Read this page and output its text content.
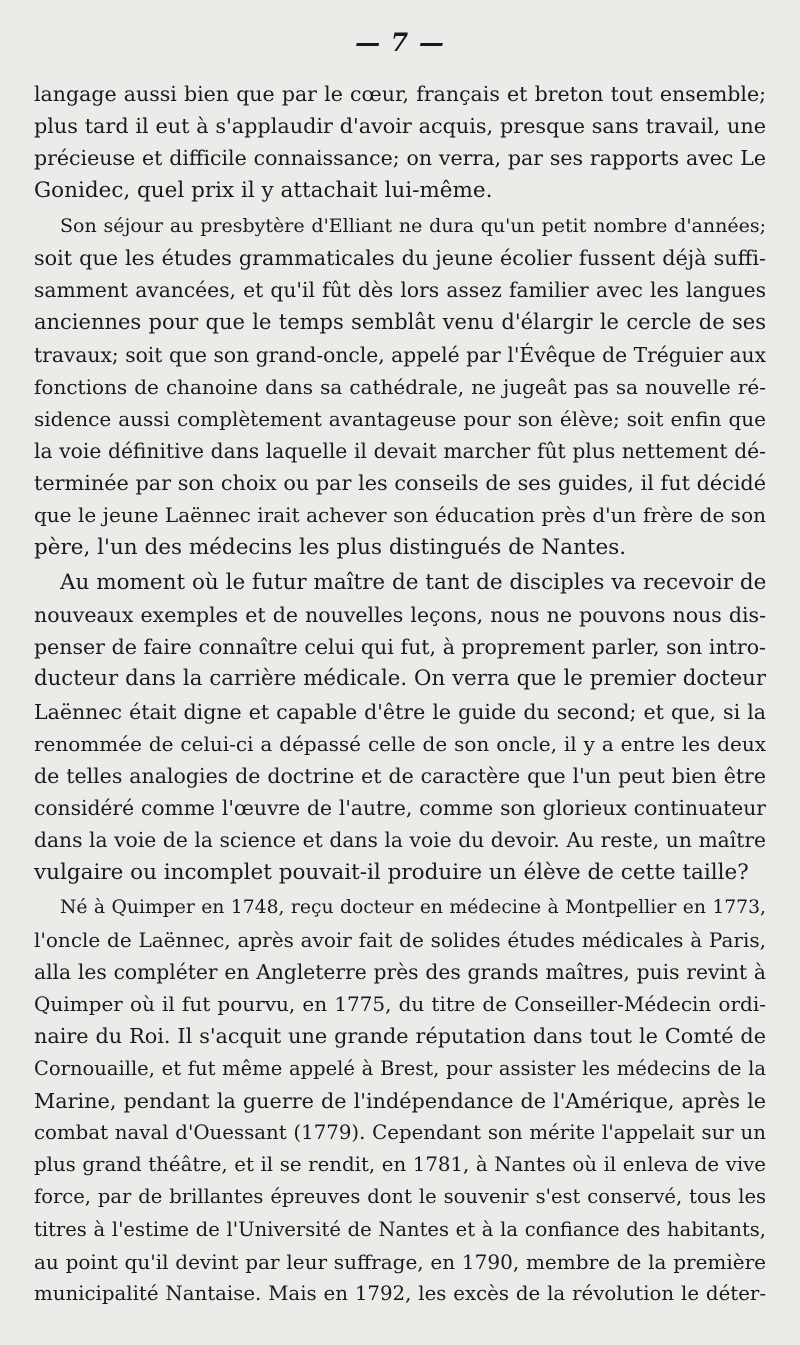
— 7 —
langage aussi bien que par le cœur, français et breton tout ensemble;
plus tard il eut à s'applaudir d'avoir acquis, presque sans travail, une
précieuse et difficile connaissance; on verra, par ses rapports avec Le
Gonidec, quel prix il y attachait lui-même.
Son séjour au presbytère d'Elliant ne dura qu'un petit nombre d'années;
soit que les études grammaticales du jeune écolier fussent déjà suffi-
samment avancées, et qu'il fût dès lors assez familier avec les langues
anciennes pour que le temps semblât venu d'élargir le cercle de ses
travaux; soit que son grand-oncle, appelé par l'Évêque de Tréguier aux
fonctions de chanoine dans sa cathédrale, ne jugeât pas sa nouvelle ré-
sidence aussi complètement avantageuse pour son élève; soit enfin que
la voie définitive dans laquelle il devait marcher fût plus nettement dé-
terminée par son choix ou par les conseils de ses guides, il fut décidé
que le jeune Laënnec irait achever son éducation près d'un frère de son
père, l'un des médecins les plus distingués de Nantes.
Au moment où le futur maître de tant de disciples va recevoir de
nouveaux exemples et de nouvelles leçons, nous ne pouvons nous dis-
penser de faire connaître celui qui fut, à proprement parler, son intro-
ducteur dans la carrière médicale. On verra que le premier docteur
Laënnec était digne et capable d'être le guide du second; et que, si la
renommée de celui-ci a dépassé celle de son oncle, il y a entre les deux
de telles analogies de doctrine et de caractère que l'un peut bien être
considéré comme l'œuvre de l'autre, comme son glorieux continuateur
dans la voie de la science et dans la voie du devoir. Au reste, un maître
vulgaire ou incomplet pouvait-il produire un élève de cette taille?
Né à Quimper en 1748, reçu docteur en médecine à Montpellier en 1773,
l'oncle de Laënnec, après avoir fait de solides études médicales à Paris,
alla les compléter en Angleterre près des grands maîtres, puis revint à
Quimper où il fut pourvu, en 1775, du titre de Conseiller-Médecin ordi-
naire du Roi. Il s'acquit une grande réputation dans tout le Comté de
Cornouaille, et fut même appelé à Brest, pour assister les médecins de la
Marine, pendant la guerre de l'indépendance de l'Amérique, après le
combat naval d'Ouessant (1779). Cependant son mérite l'appelait sur un
plus grand théâtre, et il se rendit, en 1781, à Nantes où il enleva de vive
force, par de brillantes épreuves dont le souvenir s'est conservé, tous les
titres à l'estime de l'Université de Nantes et à la confiance des habitants,
au point qu'il devint par leur suffrage, en 1790, membre de la première
municipalité Nantaise. Mais en 1792, les excès de la révolution le déter-
